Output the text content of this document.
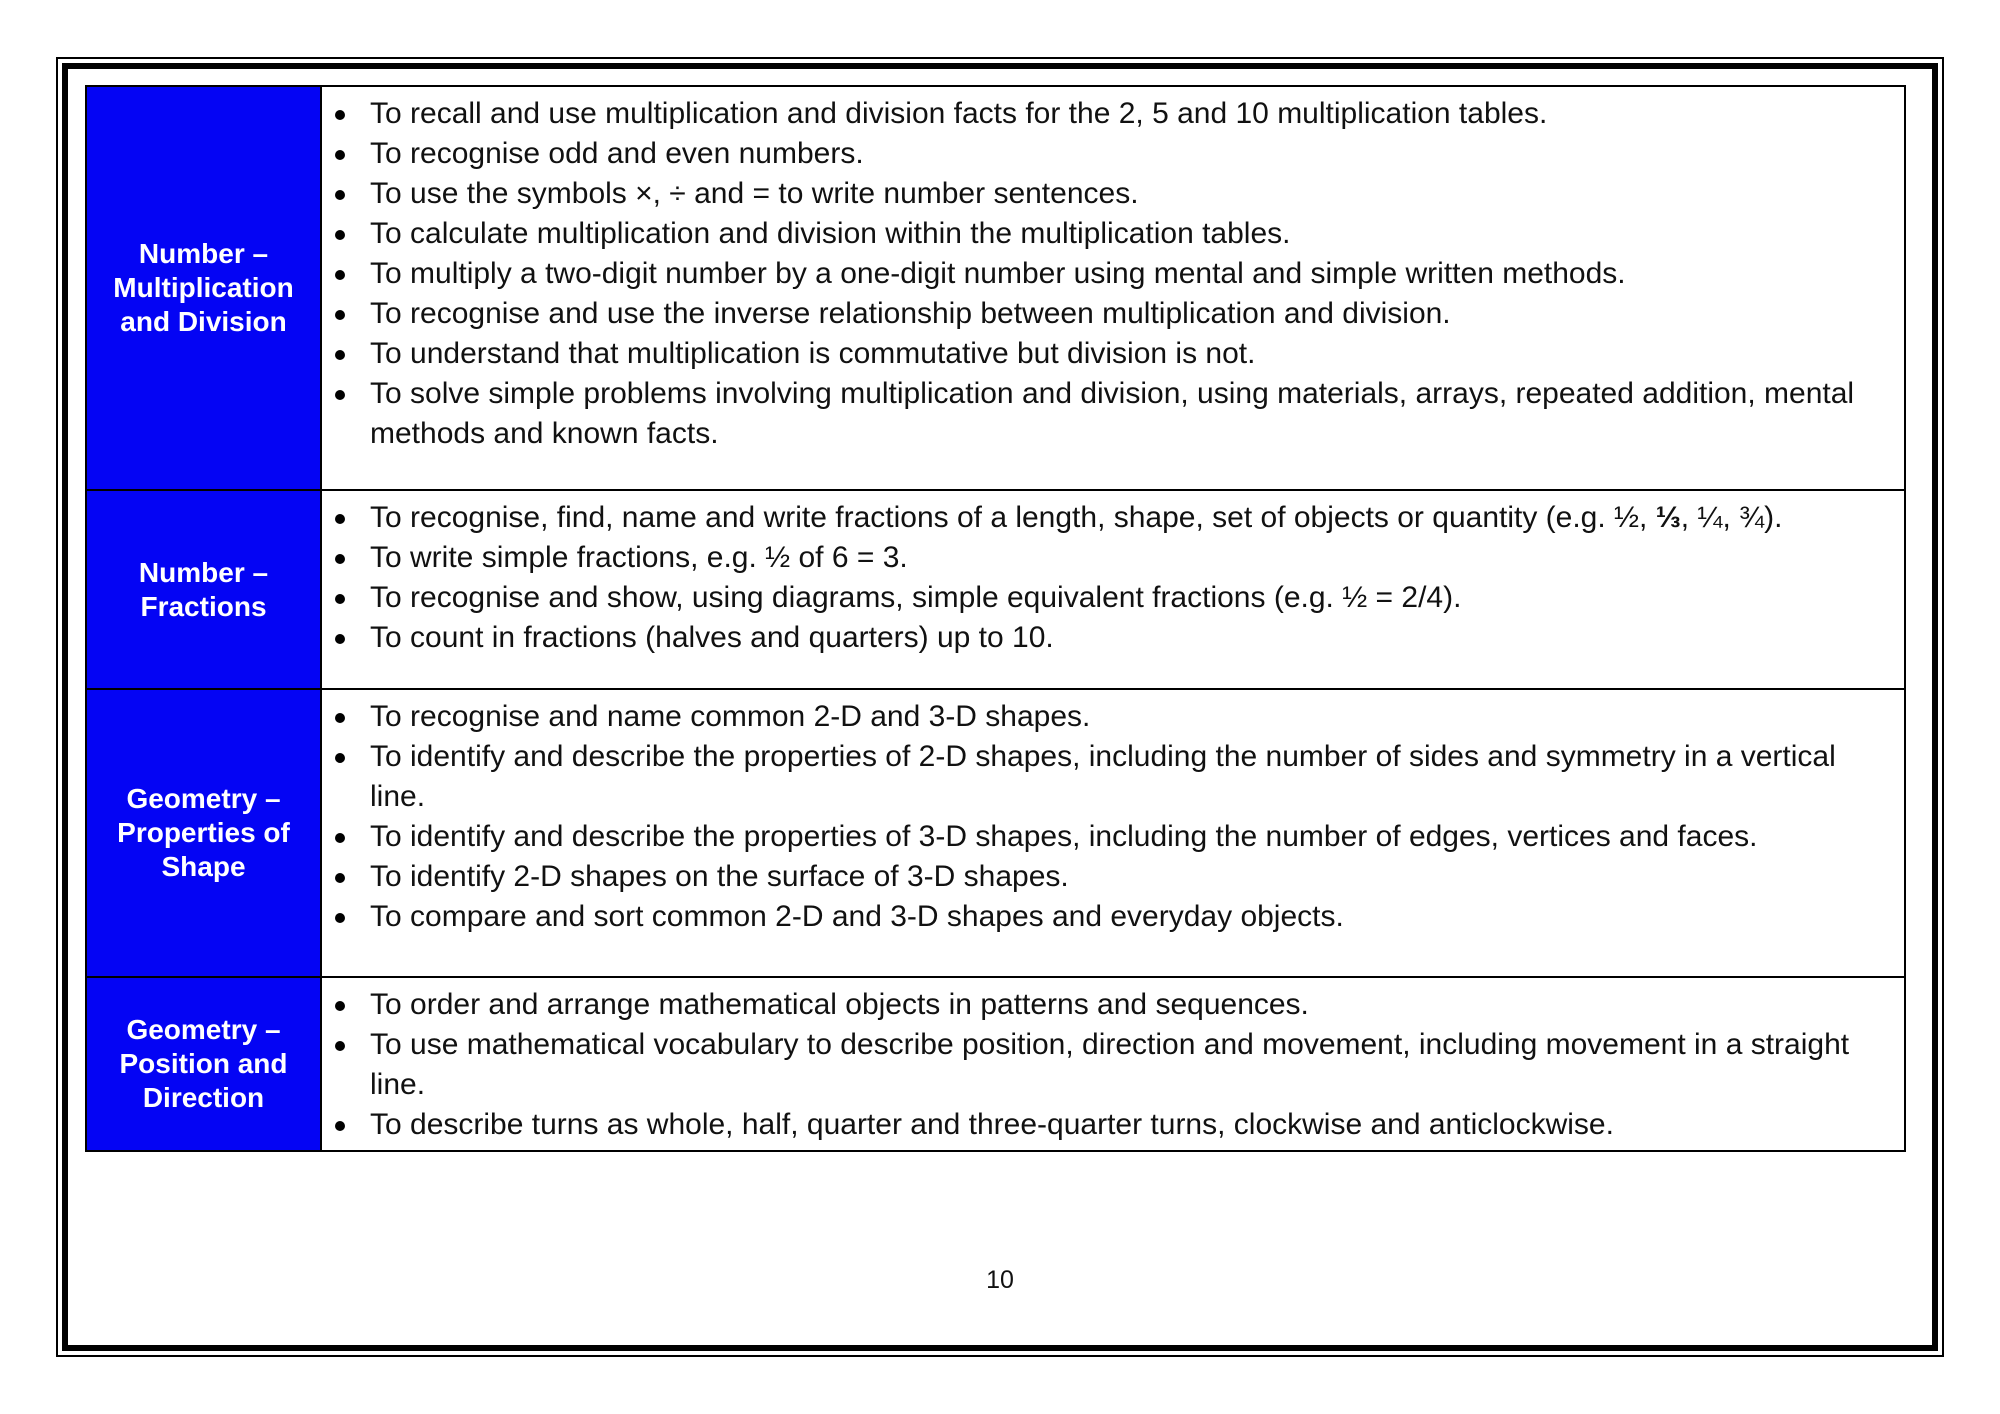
Number – Multiplication and Division
To recall and use multiplication and division facts for the 2, 5 and 10 multiplication tables.
To recognise odd and even numbers.
To use the symbols ×, ÷ and = to write number sentences.
To calculate multiplication and division within the multiplication tables.
To multiply a two-digit number by a one-digit number using mental and simple written methods.
To recognise and use the inverse relationship between multiplication and division.
To understand that multiplication is commutative but division is not.
To solve simple problems involving multiplication and division, using materials, arrays, repeated addition, mental methods and known facts.
Number – Fractions
To recognise, find, name and write fractions of a length, shape, set of objects or quantity (e.g. ½, ⅓, ¼, ¾).
To write simple fractions, e.g. ½ of 6 = 3.
To recognise and show, using diagrams, simple equivalent fractions (e.g. ½ = 2/4).
To count in fractions (halves and quarters) up to 10.
Geometry – Properties of Shape
To recognise and name common 2-D and 3-D shapes.
To identify and describe the properties of 2-D shapes, including the number of sides and symmetry in a vertical line.
To identify and describe the properties of 3-D shapes, including the number of edges, vertices and faces.
To identify 2-D shapes on the surface of 3-D shapes.
To compare and sort common 2-D and 3-D shapes and everyday objects.
Geometry – Position and Direction
To order and arrange mathematical objects in patterns and sequences.
To use mathematical vocabulary to describe position, direction and movement, including movement in a straight line.
To describe turns as whole, half, quarter and three-quarter turns, clockwise and anticlockwise.
10
